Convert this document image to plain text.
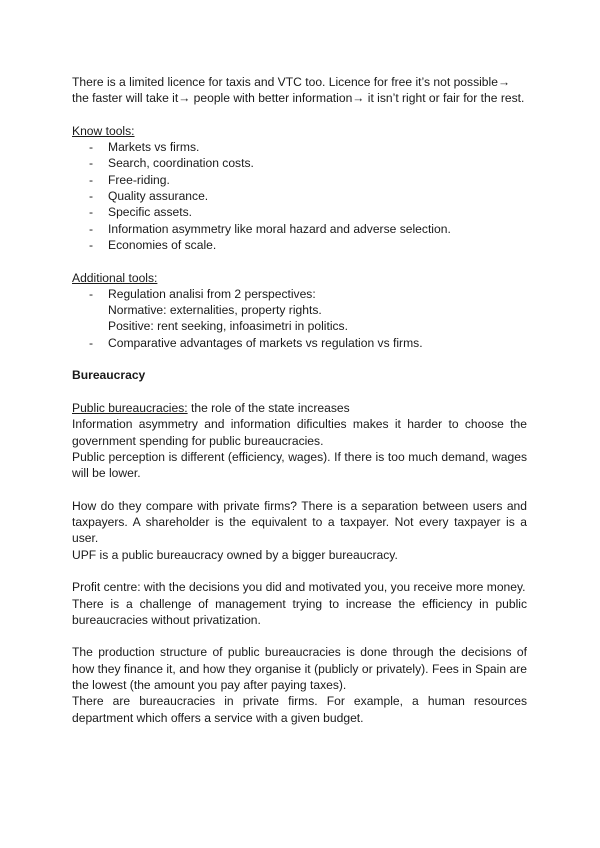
There is a limited licence for taxis and VTC too. Licence for free it’s not possible→

the faster will take it→ people with better information→ it isn’t right or fair for the rest.

Know tools:

- Markets vs firms.
- Search, coordination costs.
- Free-riding.
- Quality assurance.
- Specific assets.
- Information asymmetry like moral hazard and adverse selection.
- Economies of scale.

Additional tools:

- Regulation analisi from 2 perspectives:
Normative: externalities, property rights.
Positive: rent seeking, infoasimetri in politics.
- Comparative advantages of markets vs regulation vs firms.

Bureaucracy

Public bureaucracies: the role of the state increases

Information asymmetry and information dificulties makes it harder to choose the government spending for public bureaucracies.

Public perception is different (efficiency, wages). If there is too much demand, wages will be lower.

How do they compare with private firms? There is a separation between users and taxpayers. A shareholder is the equivalent to a taxpayer. Not every taxpayer is a user.

UPF is a public bureaucracy owned by a bigger bureaucracy.

Profit centre: with the decisions you did and motivated you, you receive more money.

There is a challenge of management trying to increase the efficiency in public bureaucracies without privatization.

The production structure of public bureaucracies is done through the decisions of how they finance it, and how they organise it (publicly or privately). Fees in Spain are the lowest (the amount you pay after paying taxes).

There are bureaucracies in private firms. For example, a human resources department which offers a service with a given budget.
